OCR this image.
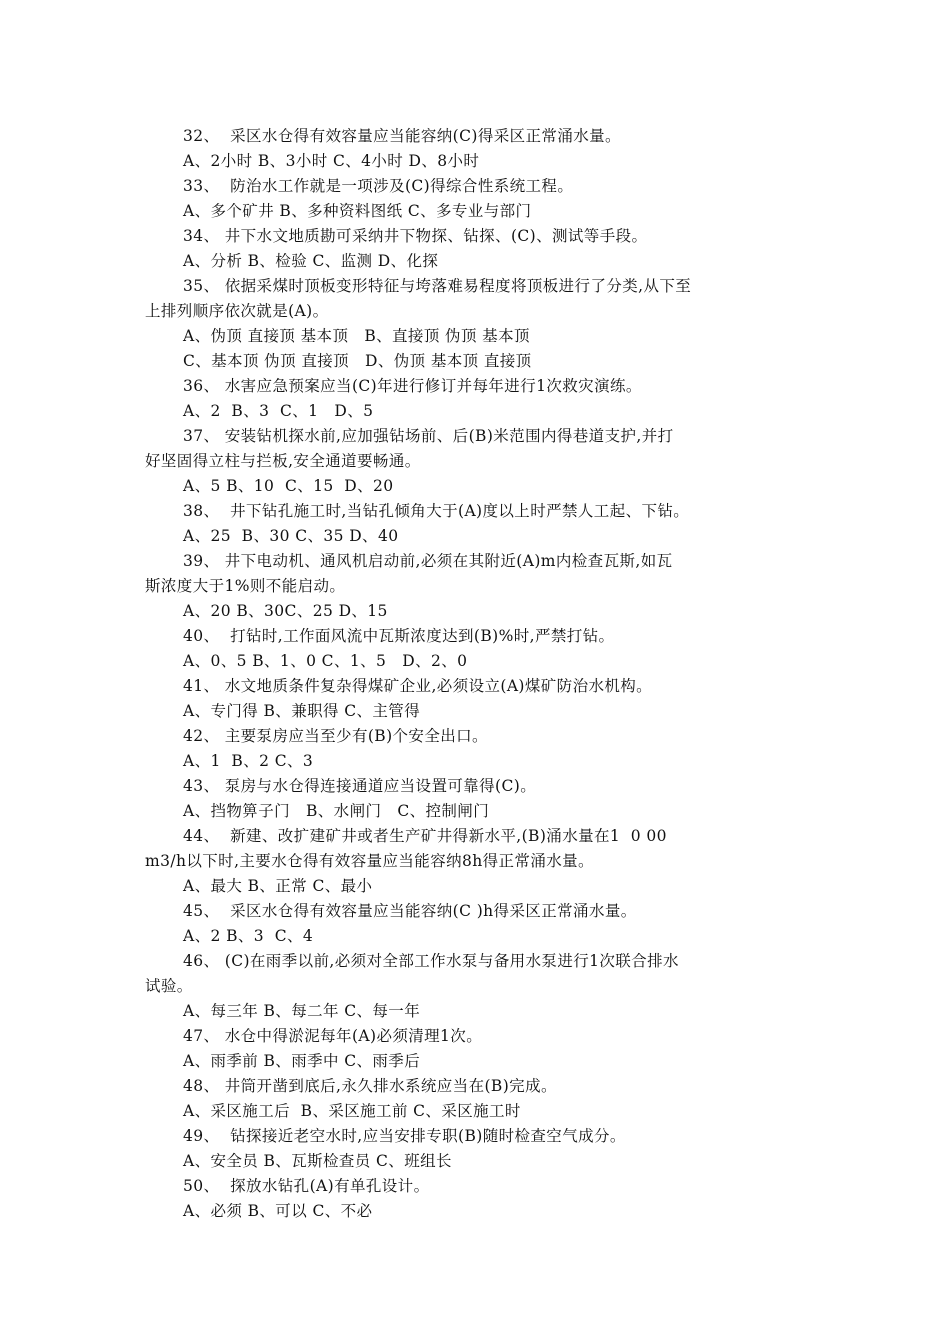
32、  采区水仓得有效容量应当能容纳(C)得采区正常涌水量。
A、2小时 B、3小时 C、4小时 D、8小时
33、  防治水工作就是一项涉及(C)得综合性系统工程。
A、多个矿井 B、多种资料图纸 C、多专业与部门
34、 井下水文地质勘可采纳井下物探、钻探、(C)、测试等手段。
A、分析 B、检验 C、监测 D、化探
35、 依据采煤时顶板变形特征与垮落难易程度将顶板进行了分类,从下至
上排列顺序依次就是(A)。
A、伪顶 直接顶 基本顶   B、直接顶 伪顶 基本顶
C、基本顶 伪顶 直接顶   D、伪顶 基本顶 直接顶
36、 水害应急预案应当(C)年进行修订并每年进行1次救灾演练。
A、2  B、3  C、1   D、5
37、 安装钻机探水前,应加强钻场前、后(B)米范围内得巷道支护,并打
好坚固得立柱与拦板,安全通道要畅通。
A、5 B、10  C、15  D、20
38、  井下钻孔施工时,当钻孔倾角大于(A)度以上时严禁人工起、下钻。
A、25  B、30 C、35 D、40
39、 井下电动机、通风机启动前,必须在其附近(A)m内检查瓦斯,如瓦
斯浓度大于1%则不能启动。
A、20 B、30C、25 D、15
40、  打钻时,工作面风流中瓦斯浓度达到(B)%时,严禁打钻。
A、0、5 B、1、0 C、1、5   D、2、0
41、 水文地质条件复杂得煤矿企业,必须设立(A)煤矿防治水机构。
A、专门得 B、兼职得 C、主管得
42、 主要泵房应当至少有(B)个安全出口。
A、1  B、2 C、3
43、 泵房与水仓得连接通道应当设置可靠得(C)。
A、挡物箅子门   B、水闸门   C、控制闸门
44、  新建、改扩建矿井或者生产矿井得新水平,(B)涌水量在1  0 00
m3/h以下时,主要水仓得有效容量应当能容纳8h得正常涌水量。
A、最大 B、正常 C、最小
45、  采区水仓得有效容量应当能容纳(C )h得采区正常涌水量。
A、2 B、3  C、4
46、 (C)在雨季以前,必须对全部工作水泵与备用水泵进行1次联合排水
试验。
A、每三年 B、每二年 C、每一年
47、 水仓中得淤泥每年(A)必须清理1次。
A、雨季前 B、雨季中 C、雨季后
48、 井筒开凿到底后,永久排水系统应当在(B)完成。
A、采区施工后  B、采区施工前 C、采区施工时
49、  钻探接近老空水时,应当安排专职(B)随时检查空气成分。
A、安全员 B、瓦斯检查员 C、班组长
50、  探放水钻孔(A)有单孔设计。
A、必须 B、可以 C、不必
